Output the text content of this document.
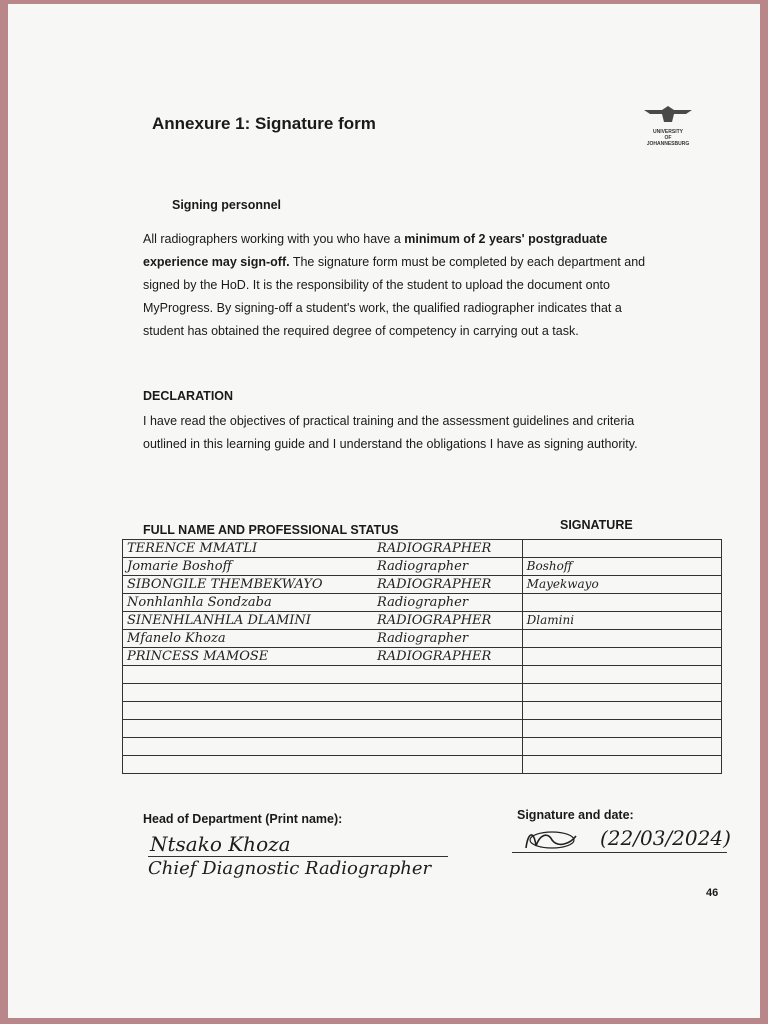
Annexure 1: Signature form	UNIVERSITY
OF
JOHANNESBURG
Signing personnel
All radiographers working with you who have a minimum of 2 years' postgraduate experience may sign-off. The signature form must be completed by each department and signed by the HoD. It is the responsibility of the student to upload the document onto MyProgress. By signing-off a student's work, the qualified radiographer indicates that a student has obtained the required degree of competency in carrying out a task.
DECLARATION
I have read the objectives of practical training and the assessment guidelines and criteria outlined in this learning guide and I understand the obligations I have as signing authority.
FULL NAME AND PROFESSIONAL STATUS	SIGNATURE
TERENCE MMATLI RADIOGRAPHER	
Jomarie Boshoff Radiographer	Boshoff
SIBONGILE THEMBEKWAYO RADIOGRAPHER	Mayekwayo
Nonhlanhla Sondzaba Radiographer	
SINENHLANHLA DLAMINI RADIOGRAPHER	Dlamini
Mfanelo Khoza Radiographer	
PRINCESS MAMOSE RADIOGRAPHER	

Head of Department (Print name):
Ntsako Khoza
Chief Diagnostic Radiographer
Signature and date:
(22/03/2024)
46
